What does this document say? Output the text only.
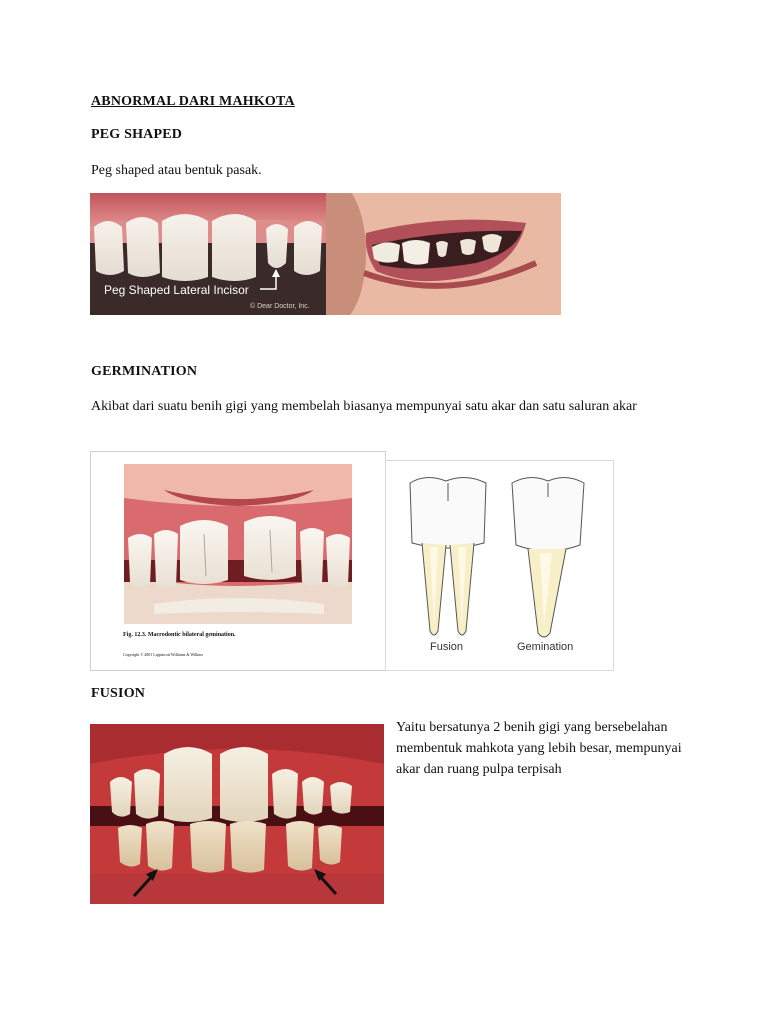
ABNORMAL DARI MAHKOTA
PEG SHAPED
Peg shaped atau bentuk pasak.
Peg Shaped Lateral Incisor
© Dear Doctor, Inc.
GERMINATION
Akibat dari suatu benih gigi yang membelah biasanya mempunyai satu akar dan satu saluran akar
Fig. 12.3. Macrodontic bilateral gemination.
Copyright © 2001 Lippincott Williams & Wilkins
Fusion	Gemination
FUSION
Yaitu bersatunya 2 benih gigi yang bersebelahan membentuk mahkota yang lebih besar, mempunyai akar dan ruang pulpa terpisah
